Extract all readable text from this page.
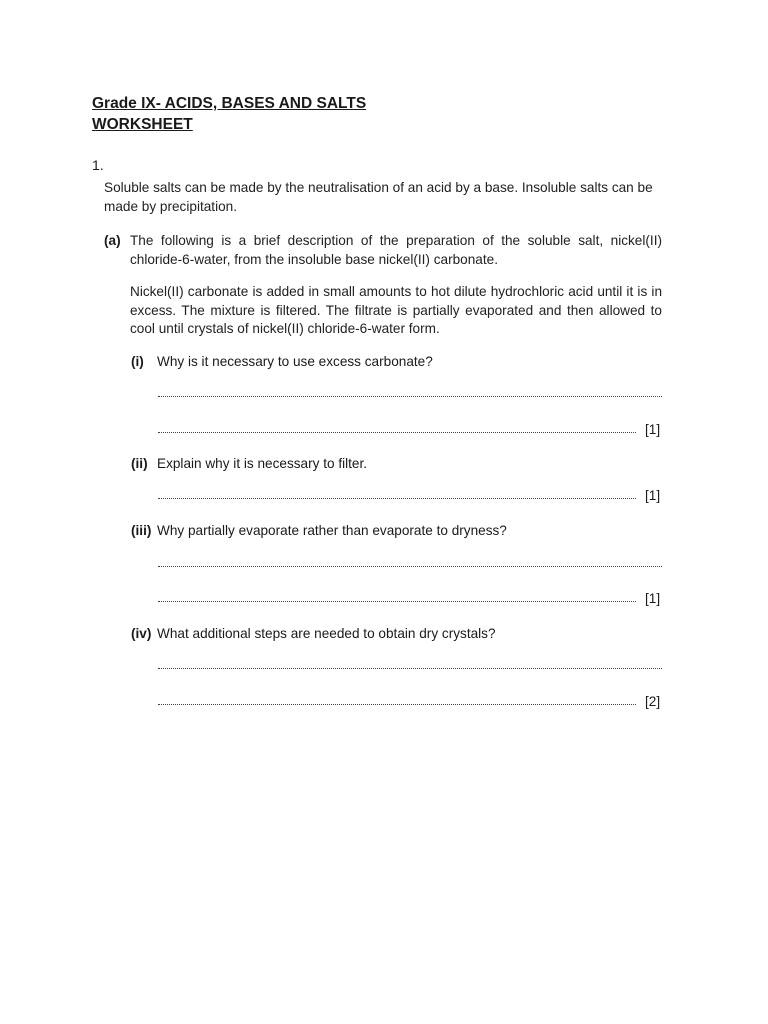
Grade IX- ACIDS, BASES AND SALTS
WORKSHEET
1.
Soluble salts can be made by the neutralisation of an acid by a base. Insoluble salts can be made by precipitation.
(a) The following is a brief description of the preparation of the soluble salt, nickel(II) chloride-6-water, from the insoluble base nickel(II) carbonate.
Nickel(II) carbonate is added in small amounts to hot dilute hydrochloric acid until it is in excess. The mixture is filtered. The filtrate is partially evaporated and then allowed to cool until crystals of nickel(II) chloride-6-water form.
(i) Why is it necessary to use excess carbonate?
[1]
(ii) Explain why it is necessary to filter.
[1]
(iii) Why partially evaporate rather than evaporate to dryness?
[1]
(iv) What additional steps are needed to obtain dry crystals?
[2]
